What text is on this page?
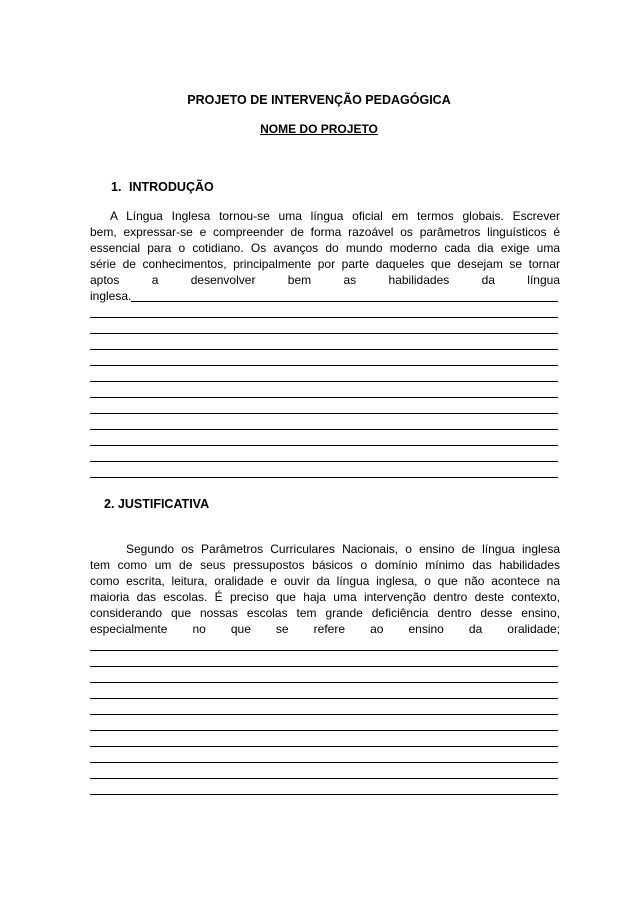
PROJETO DE INTERVENÇÃO PEDAGÓGICA

NOME DO PROJETO

1. INTRODUÇÃO
A Língua Inglesa tornou-se uma língua oficial em termos globais. Escrever
bem, expressar-se e compreender de forma razoável os parâmetros linguísticos é
essencial para o cotidiano. Os avanços do mundo moderno cada dia exige uma
série de conhecimentos, principalmente por parte daqueles que desejam se tornar
aptos a desenvolver bem as habilidades da língua
inglesa.
2. JUSTIFICATIVA
Segundo os Parâmetros Curriculares Nacionais, o ensino de língua inglesa
tem como um de seus pressupostos básicos o domínio mínimo das habilidades
como escrita, leitura, oralidade e ouvir da língua inglesa, o que não acontece na
maioria das escolas. É preciso que haja uma intervenção dentro deste contexto,
considerando que nossas escolas tem grande deficiência dentro desse ensino,
especialmente no que se refere ao ensino da oralidade;
